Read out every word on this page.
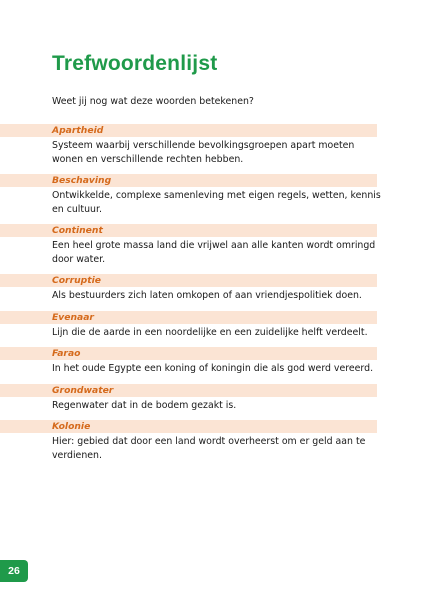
Trefwoordenlijst
Weet jij nog wat deze woorden betekenen?
Apartheid
Systeem waarbij verschillende bevolkingsgroepen apart moeten wonen en verschillende rechten hebben.
Beschaving
Ontwikkelde, complexe samenleving met eigen regels, wetten, kennis en cultuur.
Continent
Een heel grote massa land die vrijwel aan alle kanten wordt omringd door water.
Corruptie
Als bestuurders zich laten omkopen of aan vriendjespolitiek doen.
Evenaar
Lijn die de aarde in een noordelijke en een zuidelijke helft verdeelt.
Farao
In het oude Egypte een koning of koningin die als god werd vereerd.
Grondwater
Regenwater dat in de bodem gezakt is.
Kolonie
Hier: gebied dat door een land wordt overheerst om er geld aan te verdienen.
26
